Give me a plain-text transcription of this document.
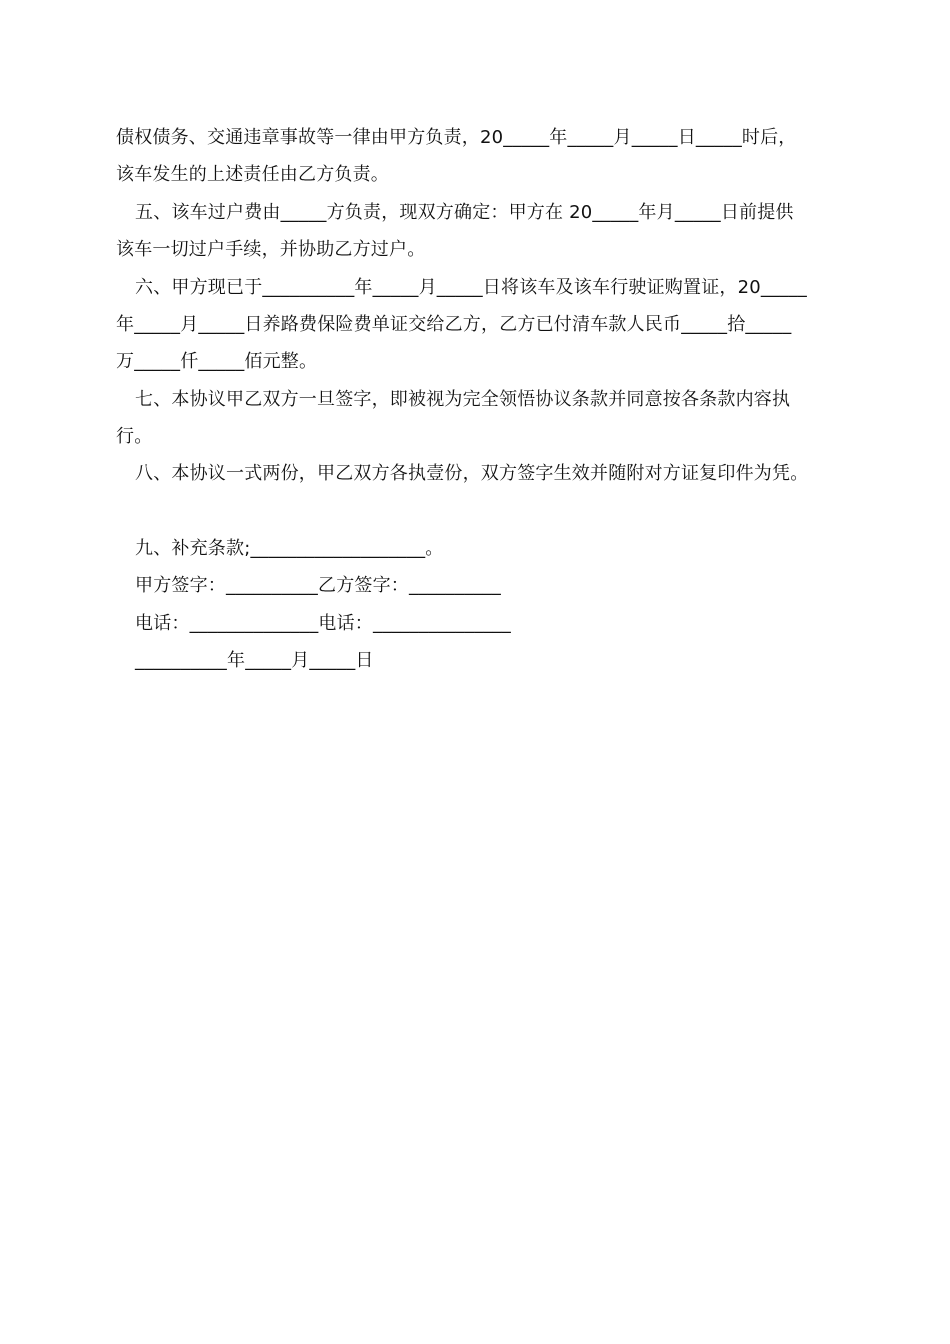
债权债务、交通违章事故等一律由甲方负责，20_____年_____月_____日_____时后，
该车发生的上述责任由乙方负责。
五、该车过户费由_____方负责，现双方确定：甲方在 20_____年月_____日前提供
该车一切过户手续，并协助乙方过户。
六、甲方现已于__________年_____月_____日将该车及该车行驶证购置证，20_____
年_____月_____日养路费保险费单证交给乙方，乙方已付清车款人民币_____拾_____
万_____仟_____佰元整。
七、本协议甲乙双方一旦签字，即被视为完全领悟协议条款并同意按各条款内容执
行。
八、本协议一式两份，甲乙双方各执壹份，双方签字生效并随附对方证复印件为凭。
九、补充条款;___________________。
甲方签字：__________乙方签字：__________
电话：______________电话：_______________
__________年_____月_____日
